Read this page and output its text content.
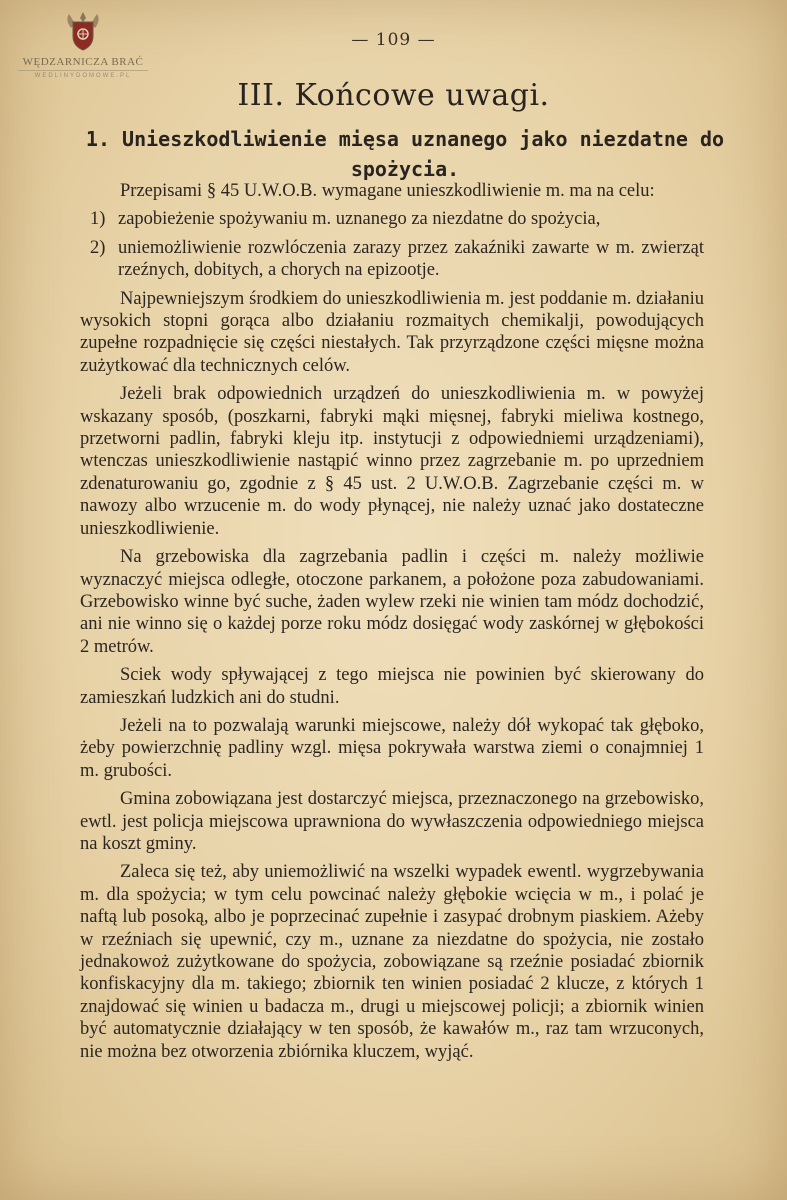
WĘDZARNICZA BRAĆ
WEDLINYDOMOWE.PL
— 109 —
III. Końcowe uwagi.
1. Unieszkodliwienie mięsa uznanego jako niezdatne do spożycia.

Przepisami § 45 U.W.O.B. wymagane unieszkodliwienie m. ma na celu:

1) zapobieżenie spożywaniu m. uznanego za niezdatne do spożycia,
2) uniemożliwienie rozwlóczenia zarazy przez zakaźniki zawarte w m. zwierząt rzeźnych, dobitych, a chorych na epizootje.

Najpewniejszym środkiem do unieszkodliwienia m. jest poddanie m. działaniu wysokich stopni gorąca albo działaniu rozmaitych chemikalji, powodujących zupełne rozpadnięcie się części niestałych. Tak przyrządzone części mięsne można zużytkować dla technicznych celów.

Jeżeli brak odpowiednich urządzeń do unieszkodliwienia m. w powyżej wskazany sposób, (poszkarni, fabryki mąki mięsnej, fabryki mieliwa kostnego, przetworni padlin, fabryki kleju itp. instytucji z odpowiedniemi urządzeniami), wtenczas unieszkodliwienie nastąpić winno przez zagrzebanie m. po uprzedniem zdenaturowaniu go, zgodnie z § 45 ust. 2 U.W.O.B. Zagrzebanie części m. w nawozy albo wrzucenie m. do wody płynącej, nie należy uznać jako dostateczne unieszkodliwienie.

Na grzebowiska dla zagrzebania padlin i części m. należy możliwie wyznaczyć miejsca odległe, otoczone parkanem, a położone poza zabudowaniami. Grzebowisko winne być suche, żaden wylew rzeki nie winien tam módz dochodzić, ani nie winno się o każdej porze roku módz dosięgać wody zaskórnej w głębokości 2 metrów.

Sciek wody spływającej z tego miejsca nie powinien być skierowany do zamieszkań ludzkich ani do studni.

Jeżeli na to pozwalają warunki miejscowe, należy dół wykopać tak głęboko, żeby powierzchnię padliny wzgl. mięsa pokrywała warstwa ziemi o conajmniej 1 m. grubości.

Gmina zobowiązana jest dostarczyć miejsca, przeznaczonego na grzebowisko, ewtl. jest policja miejscowa uprawniona do wywłaszczenia odpowiedniego miejsca na koszt gminy.

Zaleca się też, aby uniemożliwić na wszelki wypadek ewentl. wygrzebywania m. dla spożycia; w tym celu powcinać należy głębokie wcięcia w m., i polać je naftą lub posoką, albo je poprzecinać zupełnie i zasypać drobnym piaskiem. Ażeby w rzeźniach się upewnić, czy m., uznane za niezdatne do spożycia, nie zostało jednakowoż zużytkowane do spożycia, zobowiązane są rzeźnie posiadać zbiornik konfiskacyjny dla m. takiego; zbiornik ten winien posiadać 2 klucze, z których 1 znajdować się winien u badacza m., drugi u miejscowej policji; a zbiornik winien być automatycznie działający w ten sposób, że kawałów m., raz tam wrzuconych, nie można bez otworzenia zbiórnika kluczem, wyjąć.
